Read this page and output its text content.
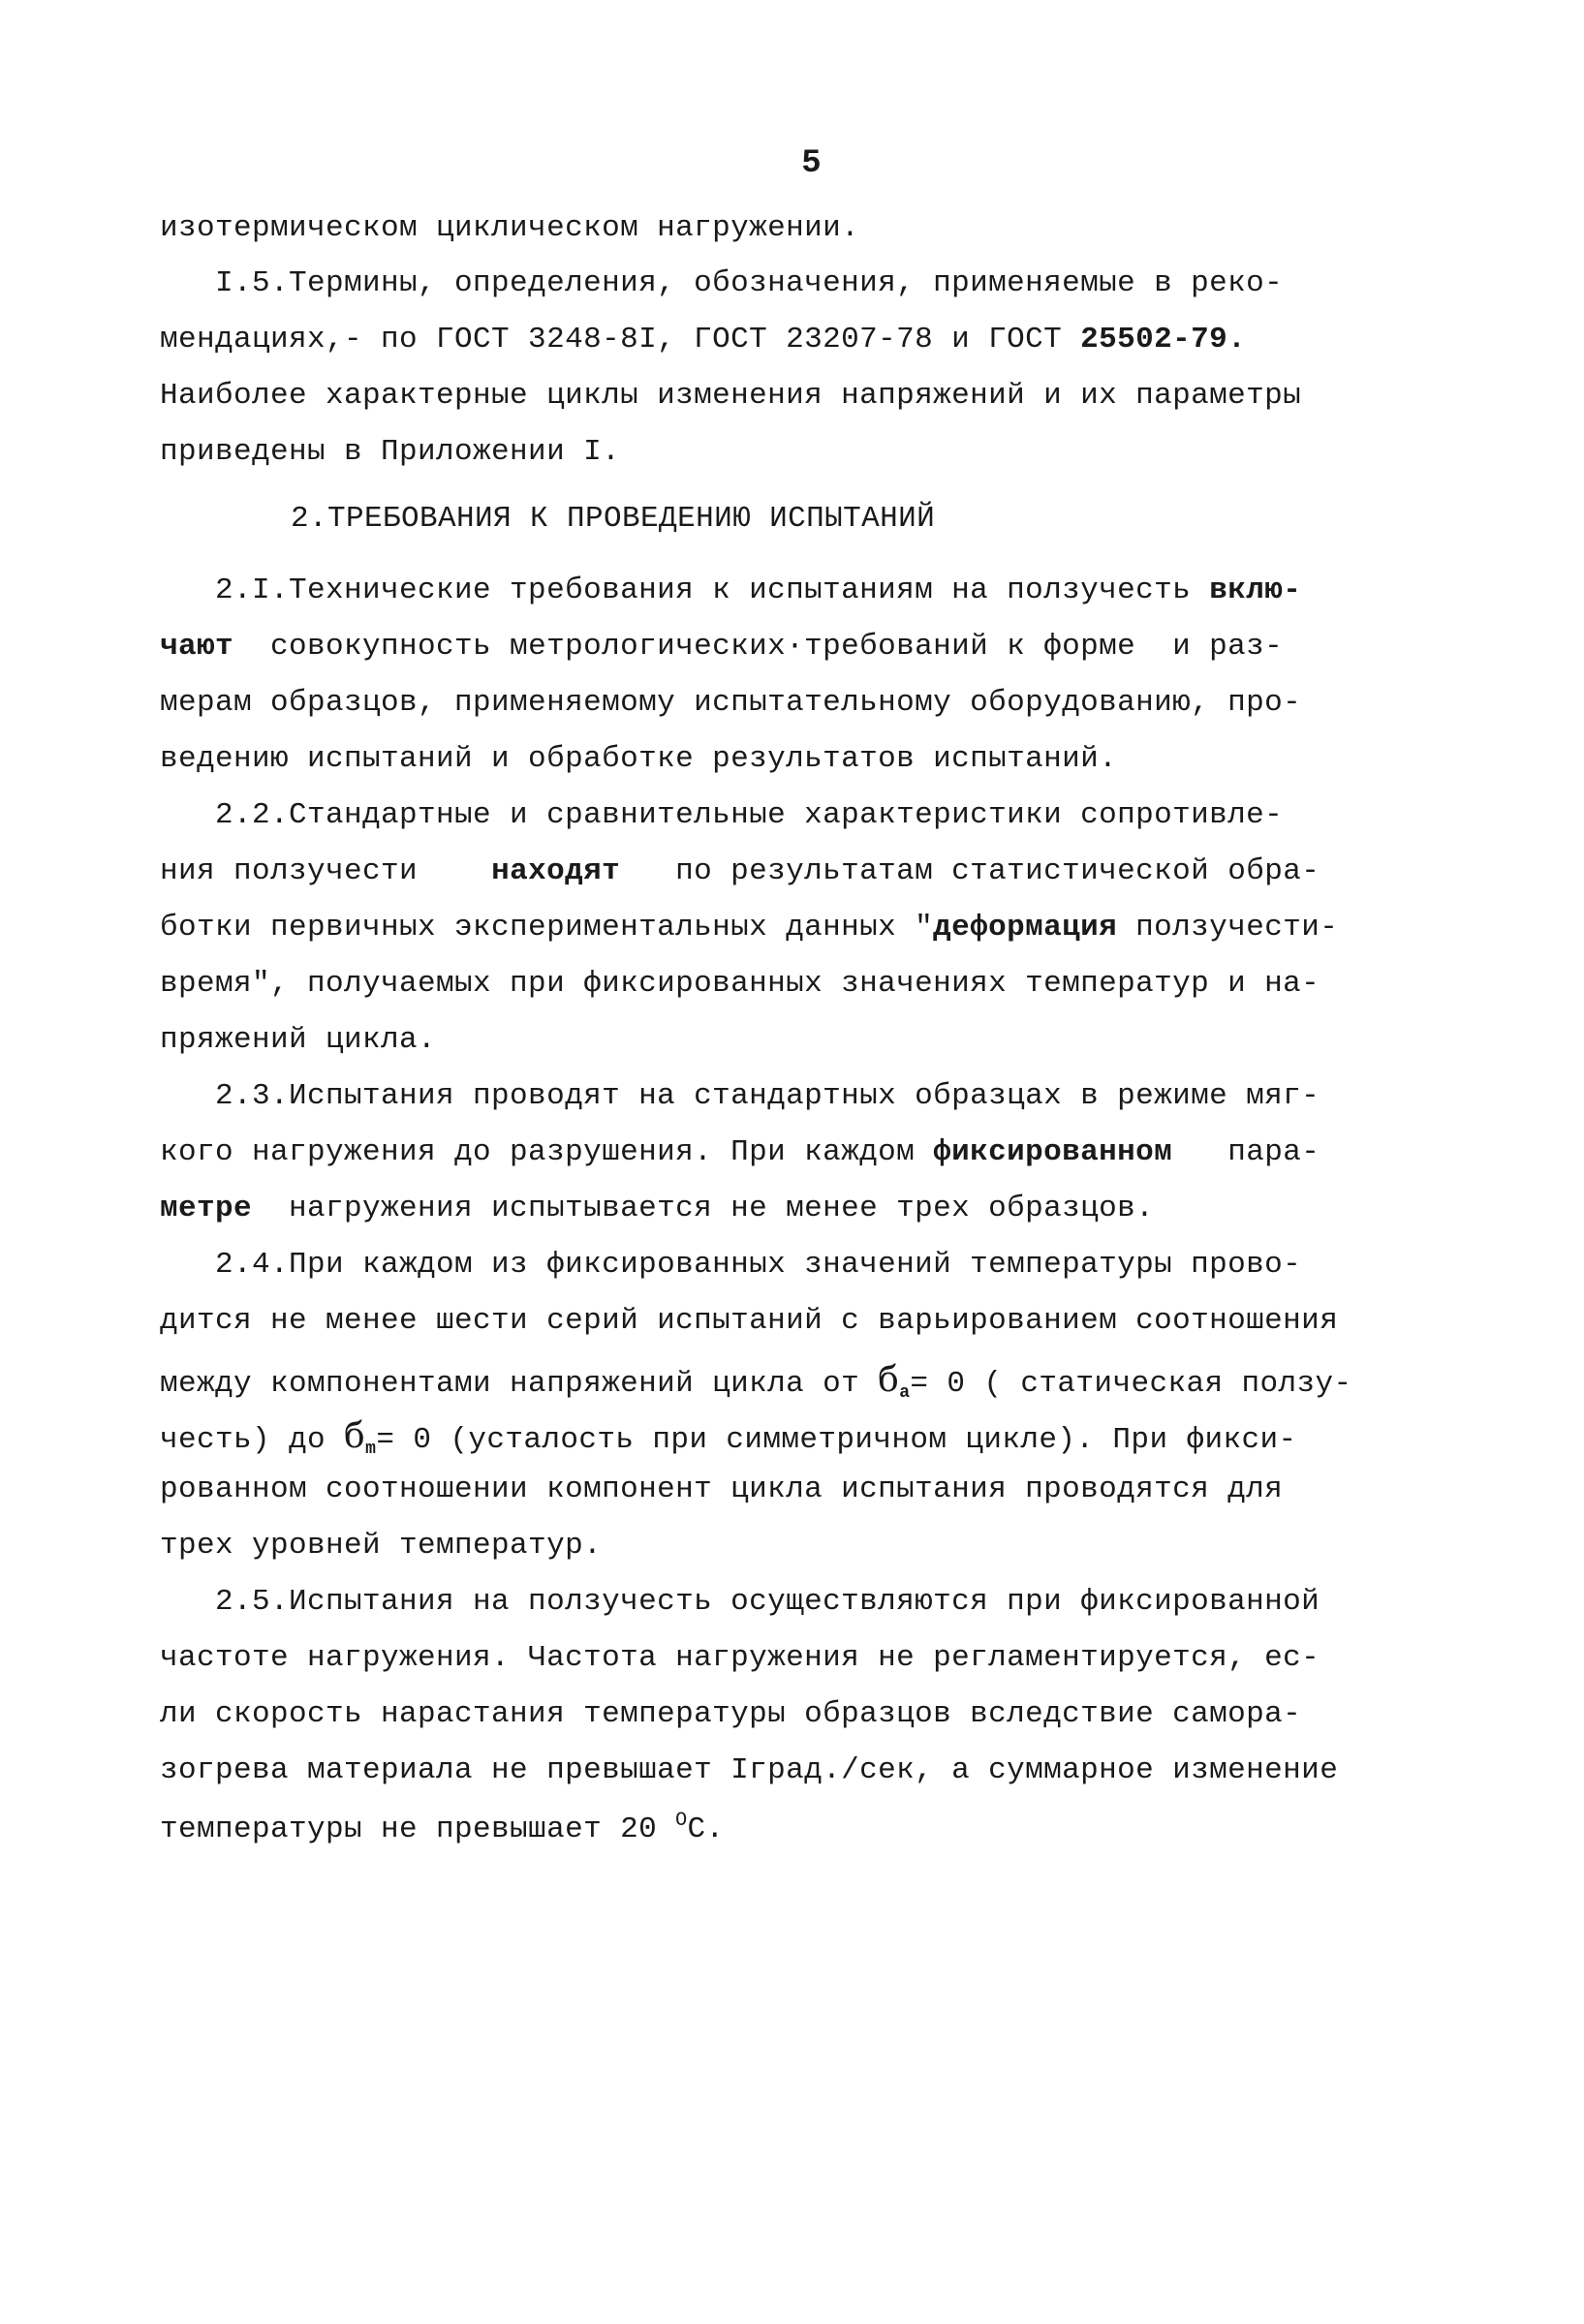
5
изотермическом циклическом нагружении.
I.5.Термины, определения, обозначения, применяемые в реко-
мендациях,- по ГОСТ 3248-8I, ГОСТ 23207-78 и ГОСТ 25502-79.
Наиболее характерные циклы изменения напряжений и их параметры
приведены в Приложении I.
2.ТРЕБОВАНИЯ К ПРОВЕДЕНИЮ ИСПЫТАНИЙ
2.I.Технические требования к испытаниям на ползучесть вклю-
чают  совокупность метрологических·требований к форме  и раз-
мерам образцов, применяемому испытательному оборудованию, про-
ведению испытаний и обработке результатов испытаний.
2.2.Стандартные и сравнительные характеристики сопротивле-
ния ползучести    находят   по результатам статистической обра-
ботки первичных экспериментальных данных "деформация ползучести-
время", получаемых при фиксированных значениях температур и на-
пряжений цикла.
2.3.Испытания проводят на стандартных образцах в режиме мяг-
кого нагружения до разрушения. При каждом фиксированном   пара-
метре  нагружения испытывается не менее трех образцов.
2.4.При каждом из фиксированных значений температуры прово-
дится не менее шести серий испытаний с варьированием соотношения
между компонентами напряжений цикла от $б_a= 0$ ( статическая ползу-
честь) до $б_m= 0$ (усталость при симметричном цикле). При фикси-
рованном соотношении компонент цикла испытания проводятся для
трех уровней температур.
2.5.Испытания на ползучесть осуществляются при фиксированной
частоте нагружения. Частота нагружения не регламентируется, ес-
ли скорость нарастания температуры образцов вследствие самора-
зогрева материала не превышает Iград./сек, а суммарное изменение
температуры не превышает 20 $^O$C.
